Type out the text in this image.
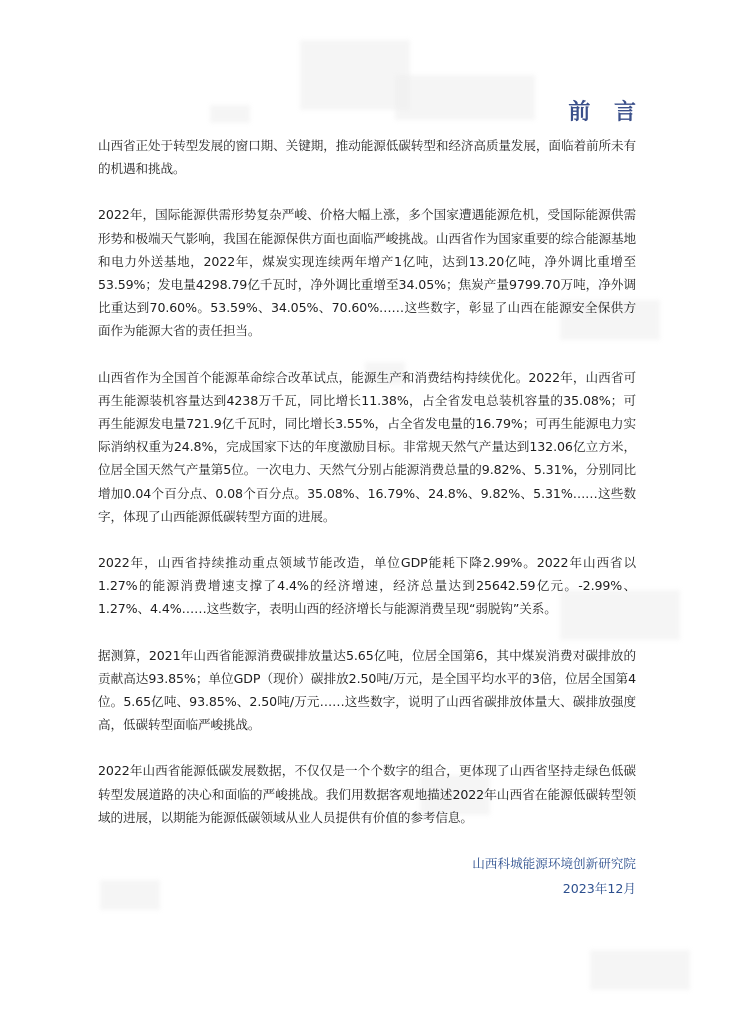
前 言

山西省正处于转型发展的窗口期、关键期，推动能源低碳转型和经济高质量发展，面临着前所未有的机遇和挑战。

2022年，国际能源供需形势复杂严峻、价格大幅上涨，多个国家遭遇能源危机，受国际能源供需形势和极端天气影响，我国在能源保供方面也面临严峻挑战。山西省作为国家重要的综合能源基地和电力外送基地，2022年，煤炭实现连续两年增产1亿吨，达到13.20亿吨，净外调比重增至53.59%；发电量4298.79亿千瓦时，净外调比重增至34.05%；焦炭产量9799.70万吨，净外调比重达到70.60%。53.59%、34.05%、70.60%……这些数字，彰显了山西在能源安全保供方面作为能源大省的责任担当。

山西省作为全国首个能源革命综合改革试点，能源生产和消费结构持续优化。2022年，山西省可再生能源装机容量达到4238万千瓦，同比增长11.38%，占全省发电总装机容量的35.08%；可再生能源发电量721.9亿千瓦时，同比增长3.55%，占全省发电量的16.79%；可再生能源电力实际消纳权重为24.8%，完成国家下达的年度激励目标。非常规天然气产量达到132.06亿立方米，位居全国天然气产量第5位。一次电力、天然气分别占能源消费总量的9.82%、5.31%，分别同比增加0.04个百分点、0.08个百分点。35.08%、16.79%、24.8%、9.82%、5.31%……这些数字，体现了山西能源低碳转型方面的进展。

2022年，山西省持续推动重点领域节能改造，单位GDP能耗下降2.99%。2022年山西省以1.27%的能源消费增速支撑了4.4%的经济增速，经济总量达到25642.59亿元。-2.99%、1.27%、4.4%……这些数字，表明山西的经济增长与能源消费呈现“弱脱钩”关系。

据测算，2021年山西省能源消费碳排放量达5.65亿吨，位居全国第6，其中煤炭消费对碳排放的贡献高达93.85%；单位GDP（现价）碳排放2.50吨/万元，是全国平均水平的3倍，位居全国第4位。5.65亿吨、93.85%、2.50吨/万元……这些数字，说明了山西省碳排放体量大、碳排放强度高，低碳转型面临严峻挑战。

2022年山西省能源低碳发展数据，不仅仅是一个个数字的组合，更体现了山西省坚持走绿色低碳转型发展道路的决心和面临的严峻挑战。我们用数据客观地描述2022年山西省在能源低碳转型领域的进展，以期能为能源低碳领域从业人员提供有价值的参考信息。

山西科城能源环境创新研究院
2023年12月
